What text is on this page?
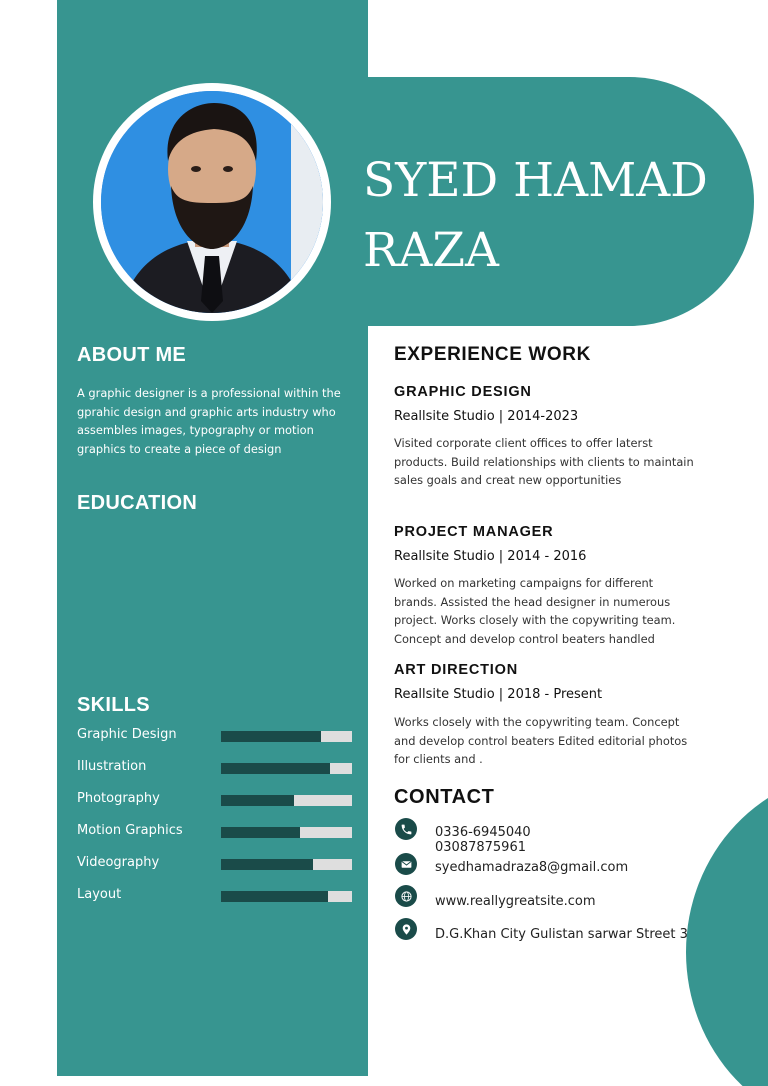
SYED HAMAD
RAZA
ABOUT ME
A graphic designer is a professional within the gprahic design and graphic arts industry who assembles images, typography or motion graphics to create a piece of design
EDUCATION
SKILLS
Graphic Design
Illustration
Photography
Motion Graphics
Videography
Layout
EXPERIENCE WORK
GRAPHIC DESIGN
Reallsite Studio | 2014-2023
Visited corporate client offices to offer laterst products. Build relationships with clients to maintain sales goals and creat new opportunities
PROJECT MANAGER
Reallsite Studio | 2014 - 2016
Worked on marketing campaigns for different brands. Assisted the head designer in numerous project. Works closely with the copywriting team. Concept and develop control beaters handled
ART DIRECTION
Reallsite Studio | 2018 - Present
Works closely with the copywriting team. Concept and develop control beaters Edited editorial photos for clients and .
CONTACT
0336-6945040
03087875961
syedhamadraza8@gmail.com
www.reallygreatsite.com
D.G.Khan City Gulistan sarwar Street 3
